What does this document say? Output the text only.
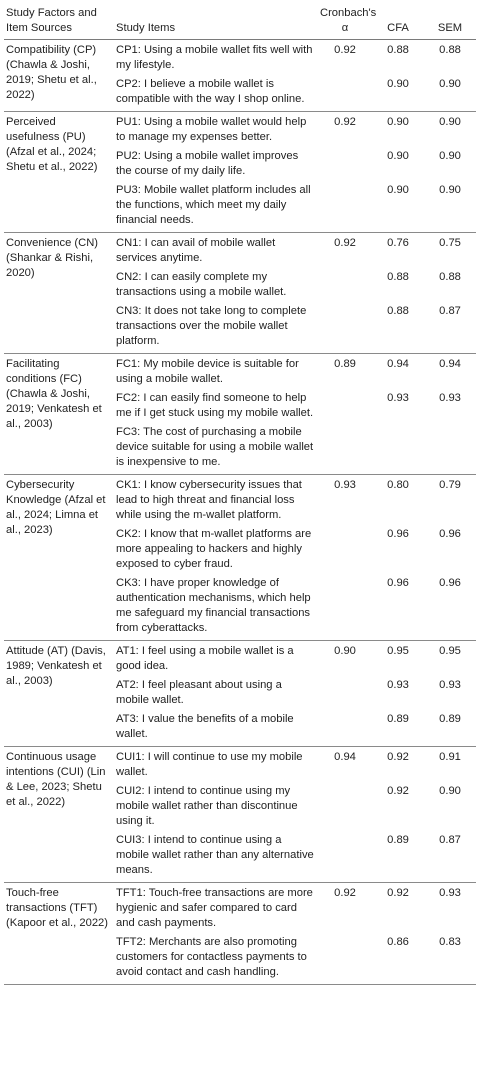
Study Factors and Item Sources	Study Items	Cronbach's α	CFA	SEM
Compatibility (CP) (Chawla & Joshi, 2019; Shetu et al., 2022)	CP1: Using a mobile wallet fits well with my lifestyle.	0.92	0.88	0.88
	CP2: I believe a mobile wallet is compatible with the way I shop online.		0.90	0.90
Perceived usefulness (PU) (Afzal et al., 2024; Shetu et al., 2022)	PU1: Using a mobile wallet would help to manage my expenses better.	0.92	0.90	0.90
	PU2: Using a mobile wallet improves the course of my daily life.		0.90	0.90
	PU3: Mobile wallet platform includes all the functions, which meet my daily financial needs.		0.90	0.90
Convenience (CN) (Shankar & Rishi, 2020)	CN1: I can avail of mobile wallet services anytime.	0.92	0.76	0.75
	CN2: I can easily complete my transactions using a mobile wallet.		0.88	0.88
	CN3: It does not take long to complete transactions over the mobile wallet platform.		0.88	0.87
Facilitating conditions (FC) (Chawla & Joshi, 2019; Venkatesh et al., 2003)	FC1: My mobile device is suitable for using a mobile wallet.	0.89	0.94	0.94
	FC2: I can easily find someone to help me if I get stuck using my mobile wallet.		0.93	0.93
	FC3: The cost of purchasing a mobile device suitable for using a mobile wallet is inexpensive to me.			
Cybersecurity Knowledge (Afzal et al., 2024; Limna et al., 2023)	CK1: I know cybersecurity issues that lead to high threat and financial loss while using the m-wallet platform.	0.93	0.80	0.79
	CK2: I know that m-wallet platforms are more appealing to hackers and highly exposed to cyber fraud.		0.96	0.96
	CK3: I have proper knowledge of authentication mechanisms, which help me safeguard my financial transactions from cyberattacks.		0.96	0.96
Attitude (AT) (Davis, 1989; Venkatesh et al., 2003)	AT1: I feel using a mobile wallet is a good idea.	0.90	0.95	0.95
	AT2: I feel pleasant about using a mobile wallet.		0.93	0.93
	AT3: I value the benefits of a mobile wallet.		0.89	0.89
Continuous usage intentions (CUI) (Lin & Lee, 2023; Shetu et al., 2022)	CUI1: I will continue to use my mobile wallet.	0.94	0.92	0.91
	CUI2: I intend to continue using my mobile wallet rather than discontinue using it.		0.92	0.90
	CUI3: I intend to continue using a mobile wallet rather than any alternative means.		0.89	0.87
Touch-free transactions (TFT) (Kapoor et al., 2022)	TFT1: Touch-free transactions are more hygienic and safer compared to card and cash payments.	0.92	0.92	0.93
	TFT2: Merchants are also promoting customers for contactless payments to avoid contact and cash handling.		0.86	0.83
